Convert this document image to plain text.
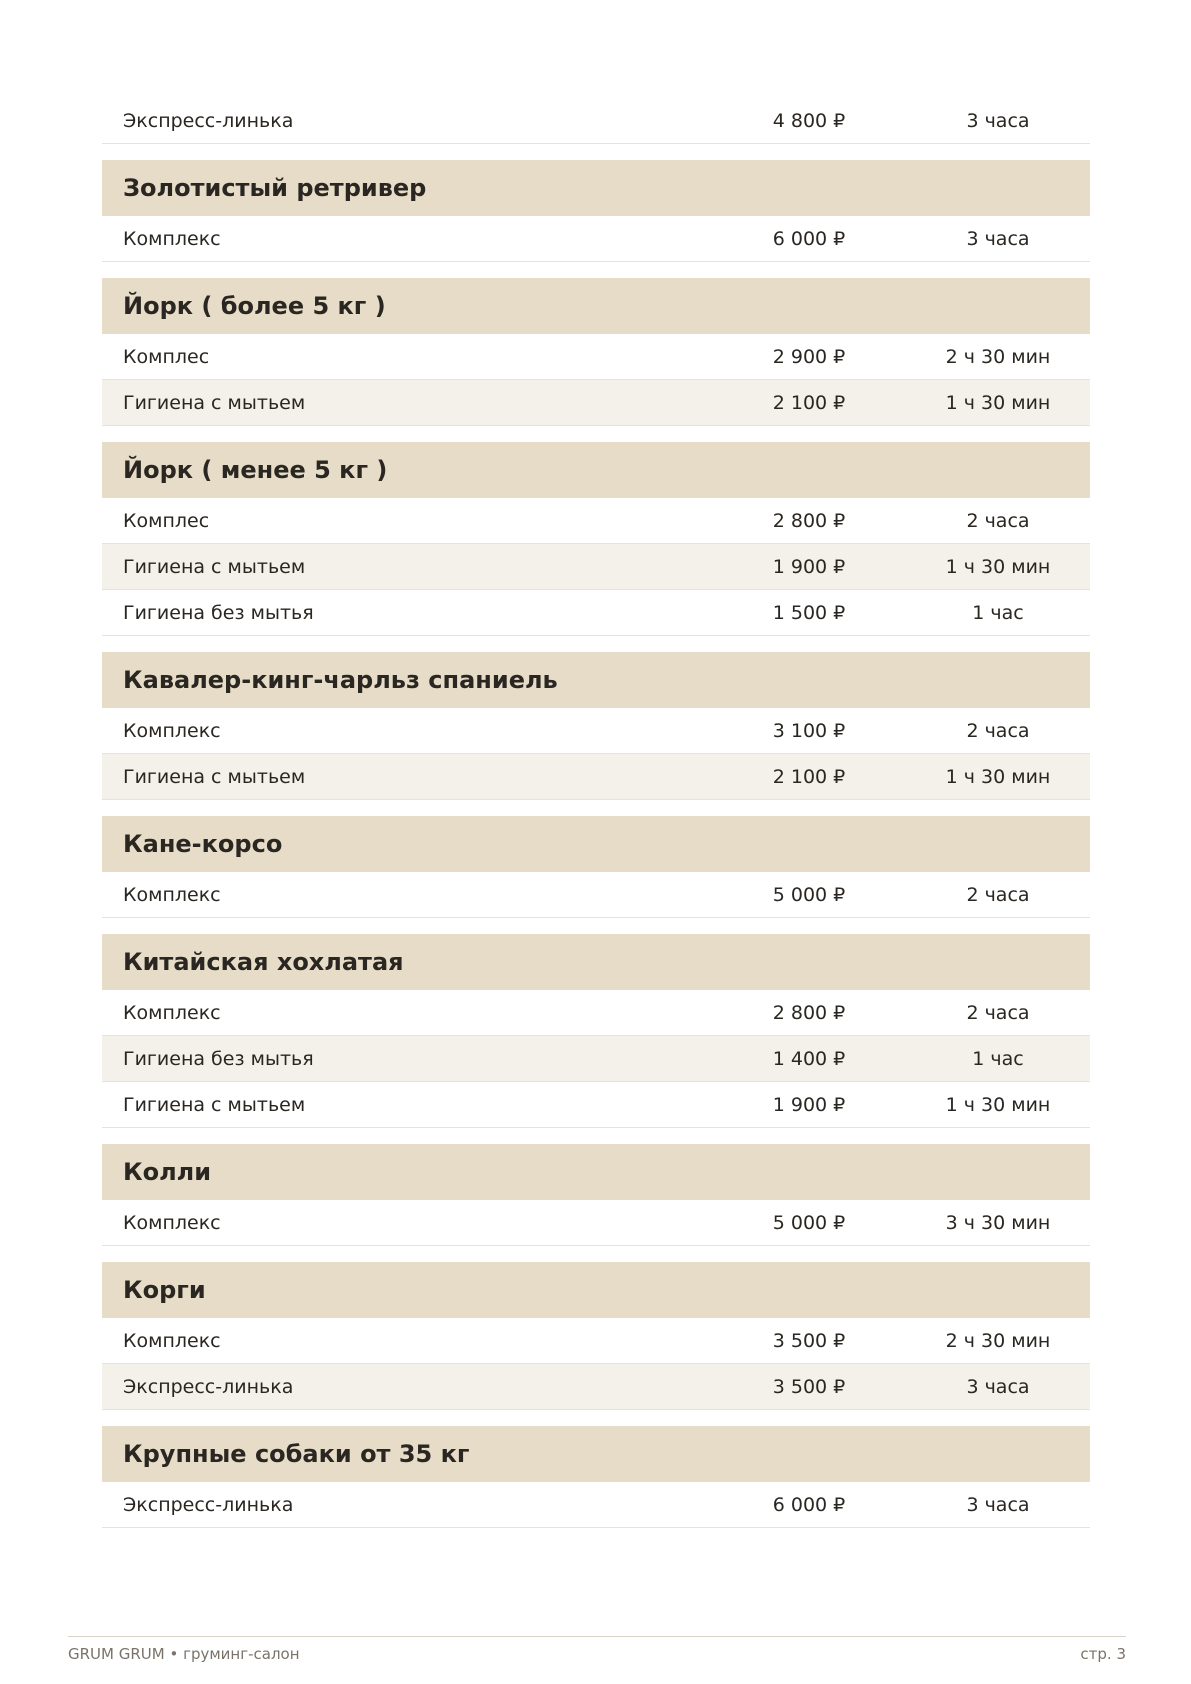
Экспресс-линька	4 800 ₽	3 часа
Золотистый ретривер
Комплекс	6 000 ₽	3 часа
Йорк ( более 5 кг )
Комплес	2 900 ₽	2 ч 30 мин
Гигиена с мытьем	2 100 ₽	1 ч 30 мин
Йорк ( менее 5 кг )
Комплес	2 800 ₽	2 часа
Гигиена с мытьем	1 900 ₽	1 ч 30 мин
Гигиена без мытья	1 500 ₽	1 час
Кавалер-кинг-чарльз спаниель
Комплекс	3 100 ₽	2 часа
Гигиена с мытьем	2 100 ₽	1 ч 30 мин
Кане-корсо
Комплекс	5 000 ₽	2 часа
Китайская хохлатая
Комплекс	2 800 ₽	2 часа
Гигиена без мытья	1 400 ₽	1 час
Гигиена с мытьем	1 900 ₽	1 ч 30 мин
Колли
Комплекс	5 000 ₽	3 ч 30 мин
Корги
Комплекс	3 500 ₽	2 ч 30 мин
Экспресс-линька	3 500 ₽	3 часа
Крупные собаки от 35 кг
Экспресс-линька	6 000 ₽	3 часа
GRUM GRUM • груминг-салон	стр. 3
